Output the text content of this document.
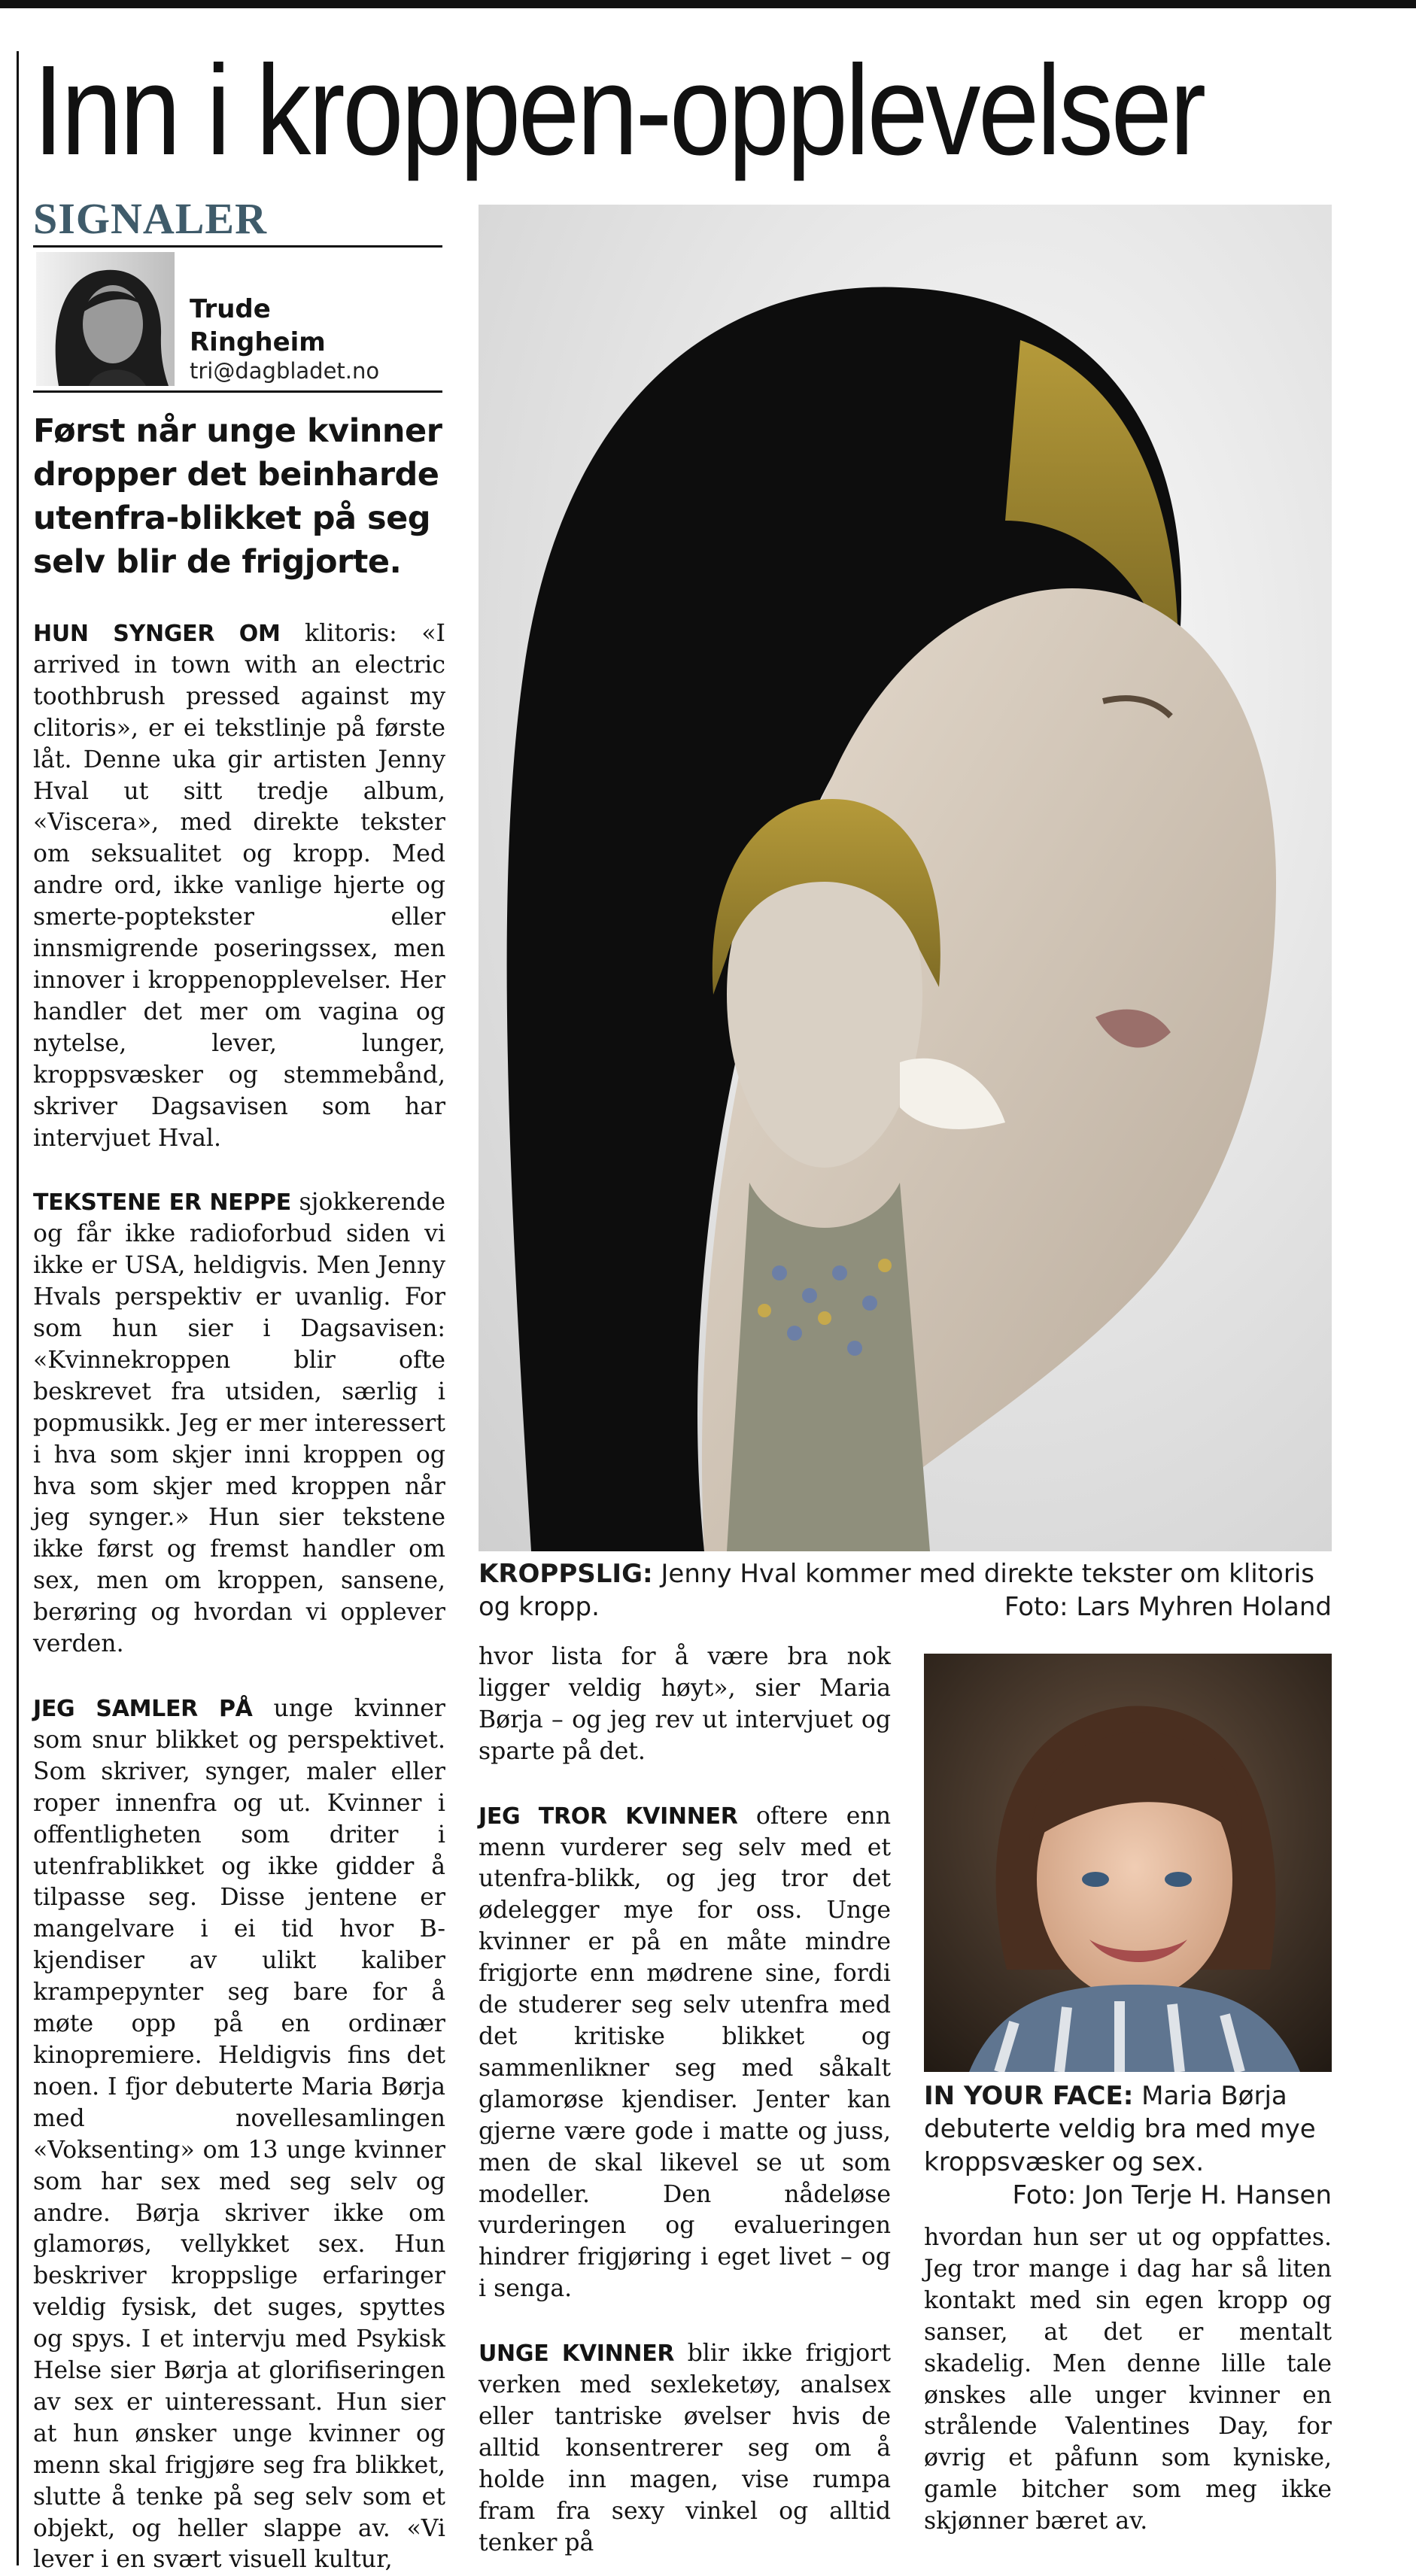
Inn i kroppen-opplevelser
SIGNALER
Trude
Ringheim
tri@dagbladet.no

Først når unge kvinner dropper det beinharde utenfra-blikket på seg selv blir de frigjorte.

HUN SYNGER OM klitoris: «I arrived in town with an electric toothbrush pressed against my clitoris», er ei tekstlinje på første låt. Denne uka gir artisten Jenny Hval ut sitt tredje album, «Viscera», med direkte tekster om seksualitet og kropp. Med andre ord, ikke vanlige hjerte og smerte-poptekster eller innsmigrende poseringssex, men innover i kroppenopplevelser. Her handler det mer om vagina og nytelse, lever, lunger, kroppsvæsker og stemmebånd, skriver Dagsavisen som har intervjuet Hval.

TEKSTENE ER NEPPE sjokkerende og får ikke radioforbud siden vi ikke er USA, heldigvis. Men Jenny Hvals perspektiv er uvanlig. For som hun sier i Dagsavisen: «Kvinnekroppen blir ofte beskrevet fra utsiden, særlig i popmusikk. Jeg er mer interessert i hva som skjer inni kroppen og hva som skjer med kroppen når jeg synger.» Hun sier tekstene ikke først og fremst handler om sex, men om kroppen, sansene, berøring og hvordan vi opplever verden.

JEG SAMLER PÅ unge kvinner som snur blikket og perspektivet. Som skriver, synger, maler eller roper innenfra og ut. Kvinner i offentligheten som driter i utenfrablikket og ikke gidder å tilpasse seg. Disse jentene er mangelvare i ei tid hvor B-kjendiser av ulikt kaliber krampepynter seg bare for å møte opp på en ordinær kinopremiere. Heldigvis fins det noen. I fjor debuterte Maria Børja med novellesamlingen «Voksenting» om 13 unge kvinner som har sex med seg selv og andre. Børja skriver ikke om glamorøs, vellykket sex. Hun beskriver kroppslige erfaringer veldig fysisk, det suges, spyttes og spys. I et intervju med Psykisk Helse sier Børja at glorifiseringen av sex er uinteressant. Hun sier at hun ønsker unge kvinner og menn skal frigjøre seg fra blikket, slutte å tenke på seg selv som et objekt, og heller slappe av. «Vi lever i en svært visuell kultur,

KROPPSLIG: Jenny Hval kommer med direkte tekster om klitoris og kropp.	Foto: Lars Myhren Holand

hvor lista for å være bra nok ligger veldig høyt», sier Maria Børja – og jeg rev ut intervjuet og sparte på det.

JEG TROR KVINNER oftere enn menn vurderer seg selv med et utenfra-blikk, og jeg tror det ødelegger mye for oss. Unge kvinner er på en måte mindre frigjorte enn mødrene sine, fordi de studerer seg selv utenfra med det kritiske blikket og sammenlikner seg med såkalt glamorøse kjendiser. Jenter kan gjerne være gode i matte og juss, men de skal likevel se ut som modeller. Den nådeløse vurderingen og evalueringen hindrer frigjøring i eget livet – og i senga.

UNGE KVINNER blir ikke frigjort verken med sexleketøy, analsex eller tantriske øvelser hvis de alltid konsentrerer seg om å holde inn magen, vise rumpa fram fra sexy vinkel og alltid tenker på

IN YOUR FACE: Maria Børja debuterte veldig bra med mye kroppsvæsker og sex.
Foto: Jon Terje H. Hansen

hvordan hun ser ut og oppfattes. Jeg tror mange i dag har så liten kontakt med sin egen kropp og sanser, at det er mentalt skadelig. Men denne lille tale ønskes alle unger kvinner en strålende Valentines Day, for øvrig et påfunn som kyniske, gamle bitcher som meg ikke skjønner bæret av.
